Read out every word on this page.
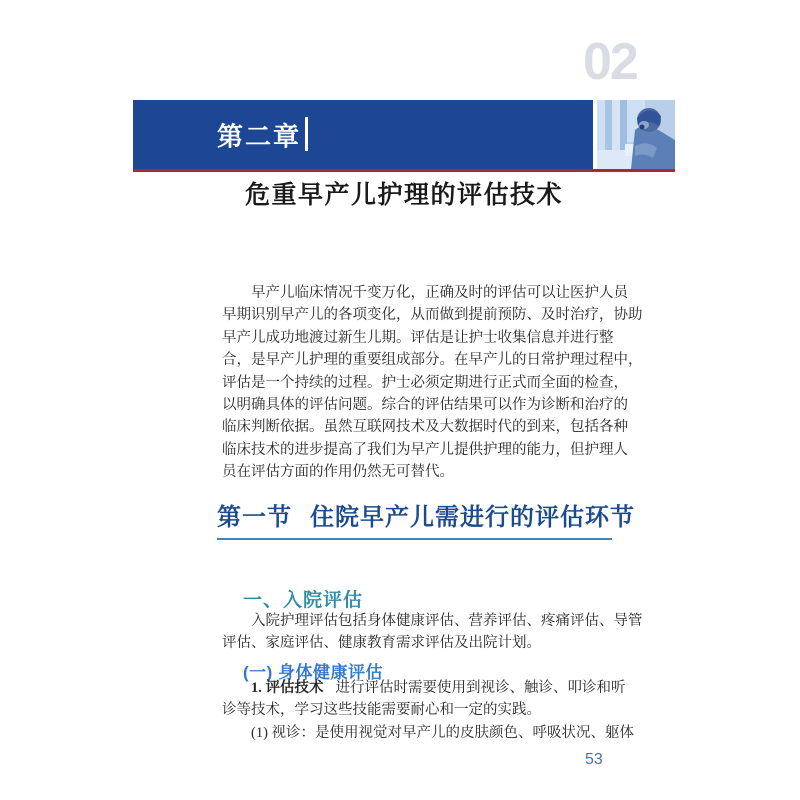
02
第二章
危重早产儿护理的评估技术
早产儿临床情况千变万化，正确及时的评估可以让医护人员
早期识别早产儿的各项变化，从而做到提前预防、及时治疗，协助
早产儿成功地渡过新生儿期。评估是让护士收集信息并进行整
合，是早产儿护理的重要组成部分。在早产儿的日常护理过程中，
评估是一个持续的过程。护士必须定期进行正式而全面的检查，
以明确具体的评估问题。综合的评估结果可以作为诊断和治疗的
临床判断依据。虽然互联网技术及大数据时代的到来，包括各种
临床技术的进步提高了我们为早产儿提供护理的能力，但护理人
员在评估方面的作用仍然无可替代。
第一节 住院早产儿需进行的评估环节
一、入院评估
入院护理评估包括身体健康评估、营养评估、疼痛评估、导管
评估、家庭评估、健康教育需求评估及出院计划。
(一) 身体健康评估
1. 评估技术 进行评估时需要使用到视诊、触诊、叩诊和听
诊等技术，学习这些技能需要耐心和一定的实践。
(1) 视诊：是使用视觉对早产儿的皮肤颜色、呼吸状况、躯体
53
